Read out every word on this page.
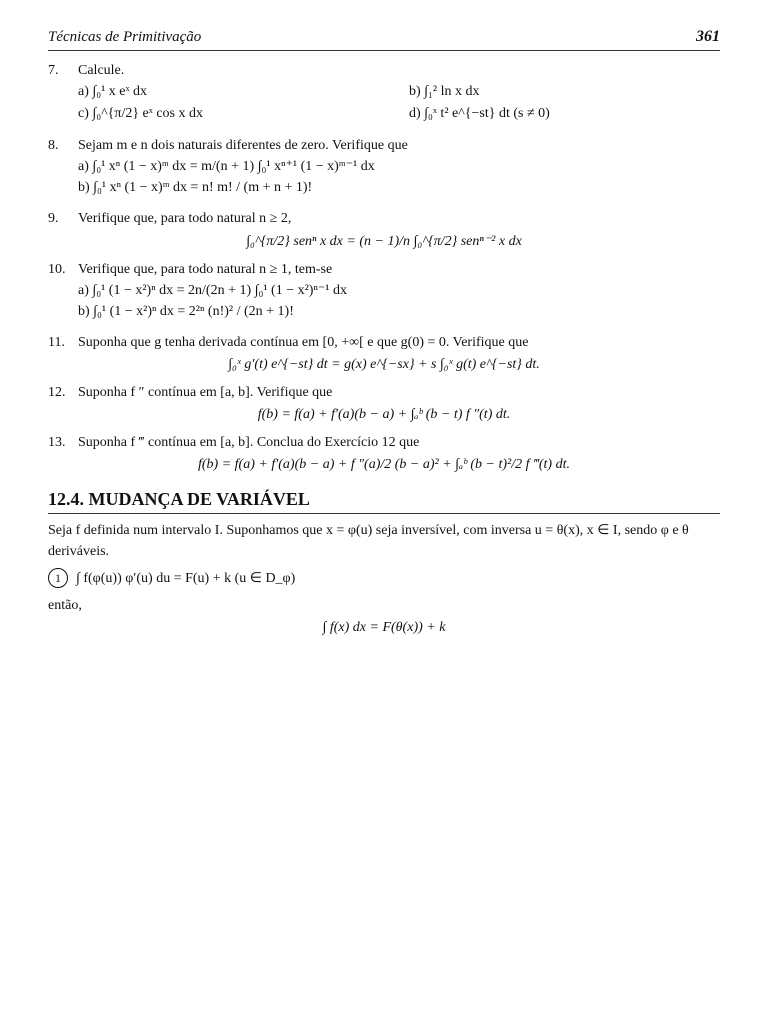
Técnicas de Primitivação	361
7. Calcule.
a) ∫₀¹ x eˣ dx	b) ∫₁² ln x dx
c) ∫₀^{π/2} eˣ cos x dx	d) ∫₀ˣ t² e^{−st} dt (s ≠ 0)
8. Sejam m e n dois naturais diferentes de zero. Verifique que
a) ∫₀¹ xⁿ (1 − x)ᵐ dx = m/(n + 1) ∫₀¹ xⁿ⁺¹ (1 − x)ᵐ⁻¹ dx
b) ∫₀¹ xⁿ (1 − x)ᵐ dx = n! m! / (m + n + 1)!
9. Verifique que, para todo natural n ≥ 2,
∫₀^{π/2} senⁿ x dx = (n − 1)/n ∫₀^{π/2} senⁿ⁻² x dx
10. Verifique que, para todo natural n ≥ 1, tem-se
a) ∫₀¹ (1 − x²)ⁿ dx = 2n/(2n + 1) ∫₀¹ (1 − x²)ⁿ⁻¹ dx
b) ∫₀¹ (1 − x²)ⁿ dx = 2²ⁿ (n!)² / (2n + 1)!
11. Suponha que g tenha derivada contínua em [0, +∞[ e que g(0) = 0. Verifique que
∫₀ˣ g′(t) e^{−st} dt = g(x) e^{−sx} + s ∫₀ˣ g(t) e^{−st} dt.
12. Suponha f ″ contínua em [a, b]. Verifique que
f(b) = f(a) + f′(a)(b − a) + ∫ₐᵇ (b − t) f ″(t) dt.
13. Suponha f ‴ contínua em [a, b]. Conclua do Exercício 12 que
f(b) = f(a) + f′(a)(b − a) + f ″(a)/2 (b − a)² + ∫ₐᵇ (b − t)²/2 f ‴(t) dt.
12.4. MUDANÇA DE VARIÁVEL
Seja f definida num intervalo I. Suponhamos que x = φ(u) seja inversível, com inversa u = θ(x), x ∈ I, sendo φ e θ deriváveis.
1 ∫ f(φ(u)) φ′(u) du = F(u) + k (u ∈ D_φ)
então,
∫ f(x) dx = F(θ(x)) + k
